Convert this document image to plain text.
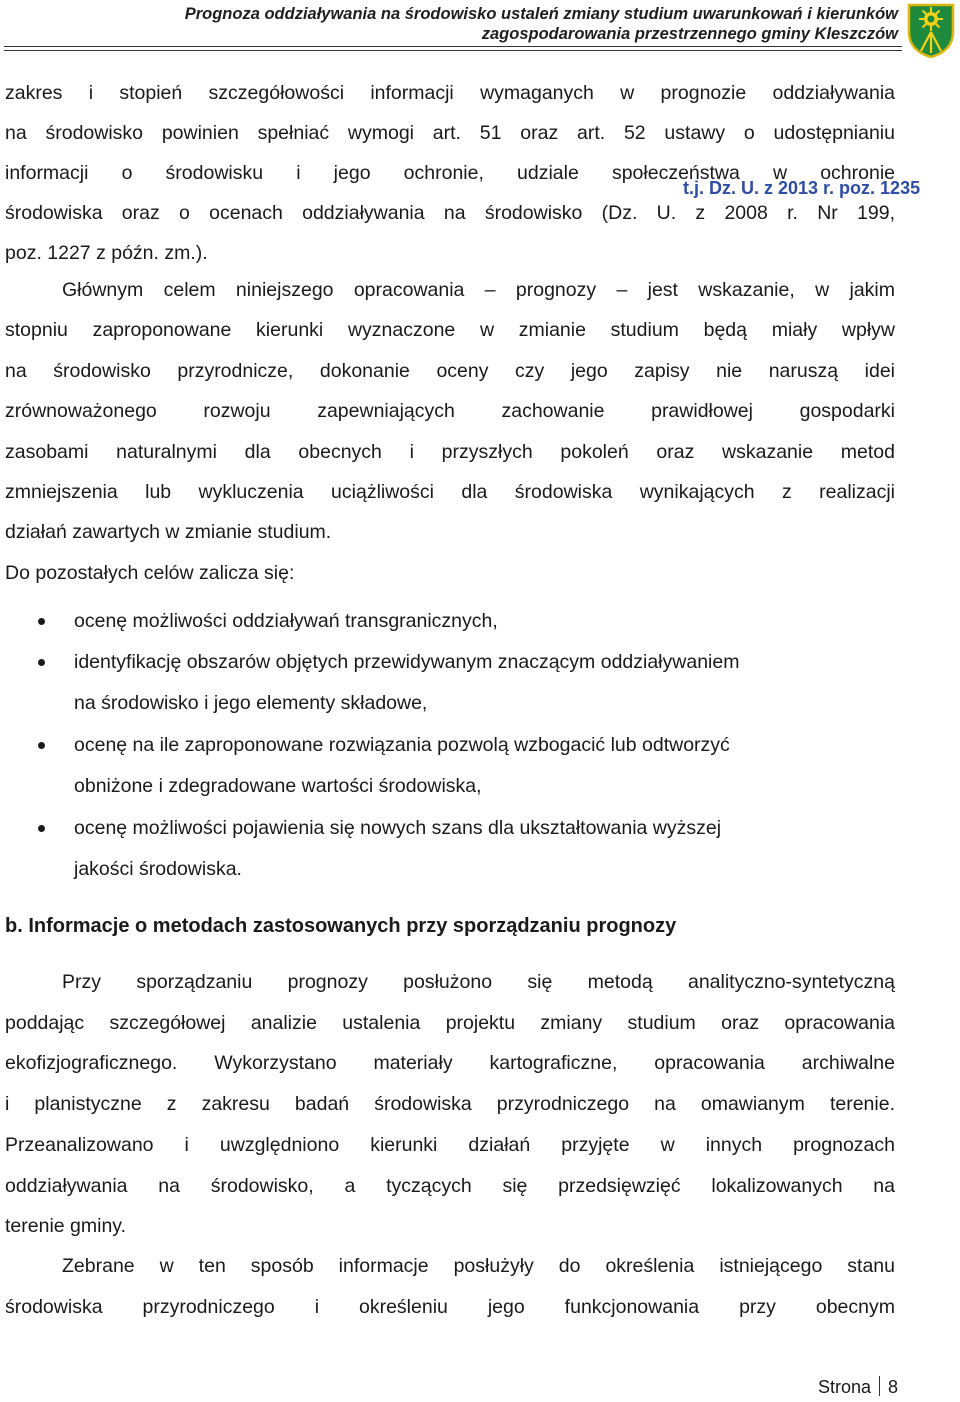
Prognoza oddziaływania na środowisko ustaleń zmiany studium uwarunkowań i kierunków
zagospodarowania przestrzennego gminy Kleszczów
zakres i stopień szczegółowości informacji wymaganych w prognozie oddziaływania
na środowisko powinien spełniać wymogi art. 51 oraz art. 52 ustawy o udostępnianiu
informacji o środowisku i jego ochronie, udziale społeczeństwa w ochronie
środowiska oraz o ocenach oddziaływania na środowisko (Dz. U. z 2008 r. Nr 199,
poz. 1227 z późn. zm.).
t.j. Dz. U. z 2013 r. poz. 1235
Głównym celem niniejszego opracowania – prognozy – jest wskazanie, w jakim
stopniu zaproponowane kierunki wyznaczone w zmianie studium będą miały wpływ
na środowisko przyrodnicze, dokonanie oceny czy jego zapisy nie naruszą idei
zrównoważonego rozwoju zapewniających zachowanie prawidłowej gospodarki
zasobami naturalnymi dla obecnych i przyszłych pokoleń oraz wskazanie metod
zmniejszenia lub wykluczenia uciążliwości dla środowiska wynikających z realizacji
działań zawartych w zmianie studium.
Do pozostałych celów zalicza się:
ocenę możliwości oddziaływań transgranicznych,
identyfikację obszarów objętych przewidywanym znaczącym oddziaływaniem
na środowisko i jego elementy składowe,
ocenę na ile zaproponowane rozwiązania pozwolą wzbogacić lub odtworzyć
obniżone i zdegradowane wartości środowiska,
ocenę możliwości pojawienia się nowych szans dla ukształtowania wyższej
jakości środowiska.
b. Informacje o metodach zastosowanych przy sporządzaniu prognozy
Przy sporządzaniu prognozy posłużono się metodą analityczno-syntetyczną
poddając szczegółowej analizie ustalenia projektu zmiany studium oraz opracowania
ekofizjograficznego. Wykorzystano materiały kartograficzne, opracowania archiwalne
i planistyczne z zakresu badań środowiska przyrodniczego na omawianym terenie.
Przeanalizowano i uwzględniono kierunki działań przyjęte w innych prognozach
oddziaływania na środowisko, a tyczących się przedsięwzięć lokalizowanych na
terenie gminy.
Zebrane w ten sposób informacje posłużyły do określenia istniejącego stanu
środowiska przyrodniczego i określeniu jego funkcjonowania przy obecnym
Strona 8
